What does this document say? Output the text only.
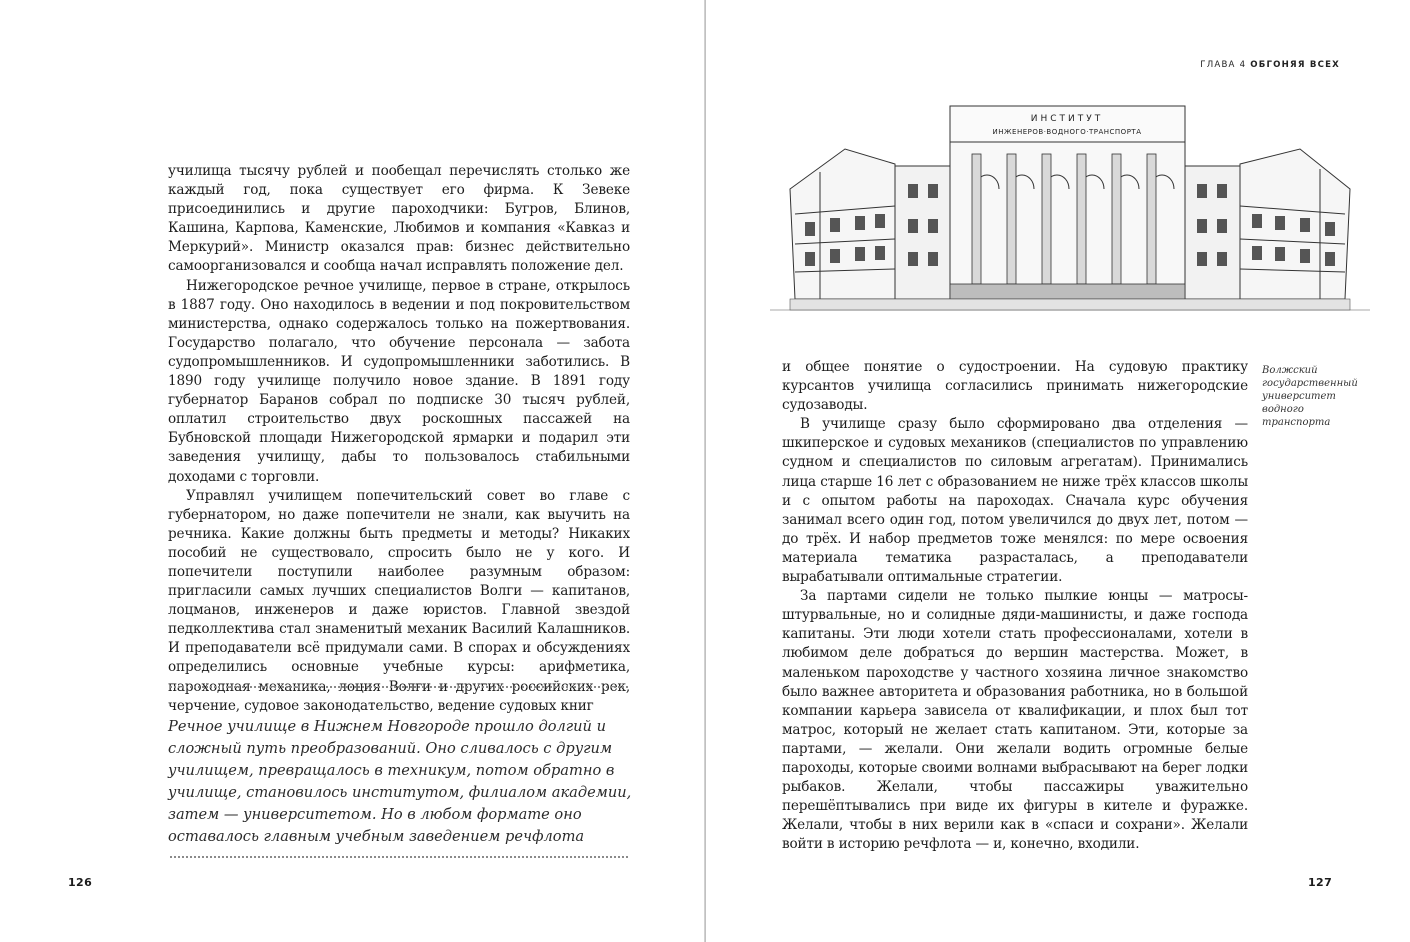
училища тысячу рублей и пообещал перечислять столько же каждый год, пока существует его фирма. К Зевеке присоединились и другие пароходчики: Бугров, Блинов, Кашина, Карпова, Каменские, Любимов и компания «Кавказ и Меркурий». Министр оказался прав: бизнес действительно самоорганизовался и сообща начал исправлять положение дел.

Нижегородское речное училище, первое в стране, открылось в 1887 году. Оно находилось в ведении и под покровительством министерства, однако содержалось только на пожертвования. Государство полагало, что обучение персонала — забота судопромышленников. И судопромышленники заботились. В 1890 году училище получило новое здание. В 1891 году губернатор Баранов собрал по подписке 30 тысяч рублей, оплатил строительство двух роскошных пассажей на Бубновской площади Нижегородской ярмарки и подарил эти заведения училищу, дабы то пользовалось стабильными доходами с торговли.

Управлял училищем попечительский совет во главе с губернатором, но даже попечители не знали, как выучить на речника. Какие должны быть предметы и методы? Никаких пособий не существовало, спросить было не у кого. И попечители поступили наиболее разумным образом: пригласили самых лучших специалистов Волги — капитанов, лоцманов, инженеров и даже юристов. Главной звездой педколлектива стал знаменитый механик Василий Калашников. И преподаватели всё придумали сами. В спорах и обсуждениях определились основные учебные курсы: арифметика, пароходная механика, лоция Волги и других российских рек, черчение, судовое законодательство, ведение судовых книг

Речное училище в Нижнем Новгороде прошло долгий и сложный путь преобразований. Оно сливалось с другим училищем, превращалось в техникум, потом обратно в училище, становилось институтом, филиалом академии, затем — университетом. Но в любом формате оно оставалось главным учебным заведением речфлота

126

ГЛАВА 4 ОБГОНЯЯ ВСЕХ

ИНСТИТУТ
ИНЖЕНЕРОВ·ВОДНОГО·ТРАНСПОРТА

и общее понятие о судостроении. На судовую практику курсантов училища согласились принимать нижегородские судозаводы.

В училище сразу было сформировано два отделения — шкиперское и судовых механиков (специалистов по управлению судном и специалистов по силовым агрегатам). Принимались лица старше 16 лет с образованием не ниже трёх классов школы и с опытом работы на пароходах. Сначала курс обучения занимал всего один год, потом увеличился до двух лет, потом — до трёх. И набор предметов тоже менялся: по мере освоения материала тематика разрасталась, а преподаватели вырабатывали оптимальные стратегии.

За партами сидели не только пылкие юнцы — матросы-штурвальные, но и солидные дяди-машинисты, и даже господа капитаны. Эти люди хотели стать профессионалами, хотели в любимом деле добраться до вершин мастерства. Может, в маленьком пароходстве у частного хозяина личное знакомство было важнее авторитета и образования работника, но в большой компании карьера зависела от квалификации, и плох был тот матрос, который не желает стать капитаном. Эти, которые за партами, — желали. Они желали водить огромные белые пароходы, которые своими волнами выбрасывают на берег лодки рыбаков. Желали, чтобы пассажиры уважительно перешёптывались при виде их фигуры в кителе и фуражке. Желали, чтобы в них верили как в «спаси и сохрани». Желали войти в историю речфлота — и, конечно, входили.

Волжский государственный университет водного транспорта

127
